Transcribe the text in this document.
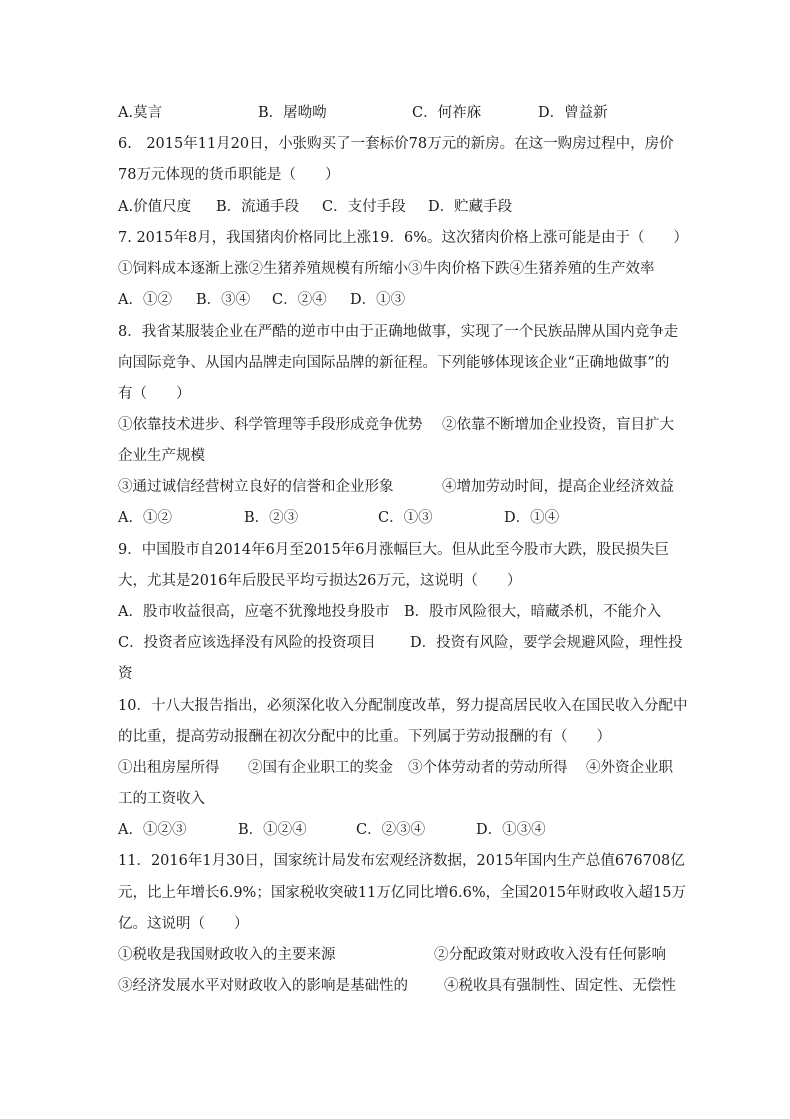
A.莫言	B．屠呦呦	C．何祚庥	D．曾益新
6.　2015年11月20日，小张购买了一套标价78万元的新房。在这一购房过程中，房价
78万元体现的货币职能是（　　）
A.价值尺度 B．流通手段 C．支付手段 D．贮藏手段
7. 2015年8月，我国猪肉价格同比上涨19．6%。这次猪肉价格上涨可能是由于（　　）
①饲料成本逐渐上涨②生猪养殖规模有所缩小③牛肉价格下跌④生猪养殖的生产效率
A．①② B．③④ C．②④ D．①③
8．我省某服装企业在严酷的逆市中由于正确地做事，实现了一个民族品牌从国内竞争走
向国际竞争、从国内品牌走向国际品牌的新征程。下列能够体现该企业“正确地做事”的
有（　　）
①依靠技术进步、科学管理等手段形成竞争优势 ②依靠不断增加企业投资，盲目扩大
企业生产规模
③通过诚信经营树立良好的信誉和企业形象	④增加劳动时间，提高企业经济效益
A．①②	B．②③	C．①③	D．①④
9．中国股市自2014年6月至2015年6月涨幅巨大。但从此至今股市大跌，股民损失巨
大，尤其是2016年后股民平均亏损达26万元，这说明（　　）
A．股市收益很高，应毫不犹豫地投身股市 B．股市风险很大，暗藏杀机，不能介入
C．投资者应该选择没有风险的投资项目 D．投资有风险，要学会规避风险，理性投
资
10．十八大报告指出，必须深化收入分配制度改革，努力提高居民收入在国民收入分配中
的比重，提高劳动报酬在初次分配中的比重。下列属于劳动报酬的有（　　）
①出租房屋所得 ②国有企业职工的奖金 ③个体劳动者的劳动所得 ④外资企业职
工的工资收入
A．①②③	B．①②④	C．②③④	D．①③④
11．2016年1月30日，国家统计局发布宏观经济数据，2015年国内生产总值676708亿
元，比上年增长6.9%；国家税收突破11万亿同比增6.6%，全国2015年财政收入超15万
亿。这说明（　　）
①税收是我国财政收入的主要来源	②分配政策对财政收入没有任何影响
③经济发展水平对财政收入的影响是基础性的 ④税收具有强制性、固定性、无偿性
